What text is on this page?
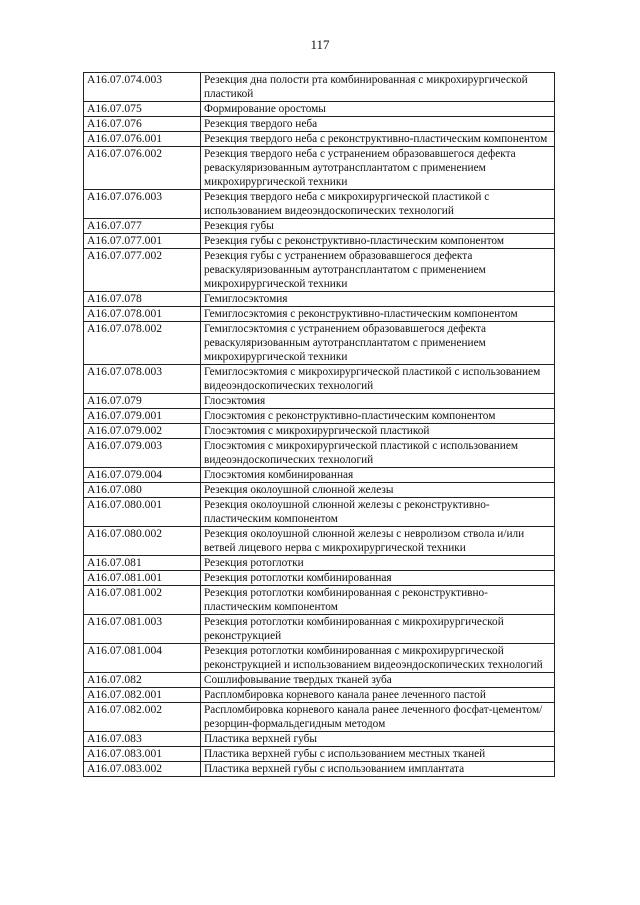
117
A16.07.074.003	Резекция дна полости рта комбинированная с микрохирургической пластикой
A16.07.075	Формирование оростомы
A16.07.076	Резекция твердого неба
A16.07.076.001	Резекция твердого неба с реконструктивно-пластическим компонентом
A16.07.076.002	Резекция твердого неба с устранением образовавшегося дефекта реваскуляризованным аутотрансплантатом с применением микрохирургической техники
A16.07.076.003	Резекция твердого неба с микрохирургической пластикой с использованием видеоэндоскопических технологий
A16.07.077	Резекция губы
A16.07.077.001	Резекция губы с реконструктивно-пластическим компонентом
A16.07.077.002	Резекция губы с устранением образовавшегося дефекта реваскуляризованным аутотрансплантатом с применением микрохирургической техники
A16.07.078	Гемиглосэктомия
A16.07.078.001	Гемиглосэктомия с реконструктивно-пластическим компонентом
A16.07.078.002	Гемиглосэктомия с устранением образовавшегося дефекта реваскуляризованным аутотрансплантатом с применением микрохирургической техники
A16.07.078.003	Гемиглосэктомия с микрохирургической пластикой с использованием видеоэндоскопических технологий
A16.07.079	Глосэктомия
A16.07.079.001	Глосэктомия с реконструктивно-пластическим компонентом
A16.07.079.002	Глосэктомия с микрохирургической пластикой
A16.07.079.003	Глосэктомия с микрохирургической пластикой с использованием видеоэндоскопических технологий
A16.07.079.004	Глосэктомия комбинированная
A16.07.080	Резекция околоушной слюнной железы
A16.07.080.001	Резекция околоушной слюнной железы с реконструктивно-пластическим компонентом
A16.07.080.002	Резекция околоушной слюнной железы с невролизом ствола и/или ветвей лицевого нерва с микрохирургической техники
A16.07.081	Резекция ротоглотки
A16.07.081.001	Резекция ротоглотки комбинированная
A16.07.081.002	Резекция ротоглотки комбинированная с реконструктивно-пластическим компонентом
A16.07.081.003	Резекция ротоглотки комбинированная с микрохирургической реконструкцией
A16.07.081.004	Резекция ротоглотки комбинированная с микрохирургической реконструкцией и использованием видеоэндоскопических технологий
A16.07.082	Сошлифовывание твердых тканей зуба
A16.07.082.001	Распломбировка корневого канала ранее леченного пастой
A16.07.082.002	Распломбировка корневого канала ранее леченного фосфат-цементом/ резорцин-формальдегидным методом
A16.07.083	Пластика верхней губы
A16.07.083.001	Пластика верхней губы с использованием местных тканей
A16.07.083.002	Пластика верхней губы с использованием имплантата
